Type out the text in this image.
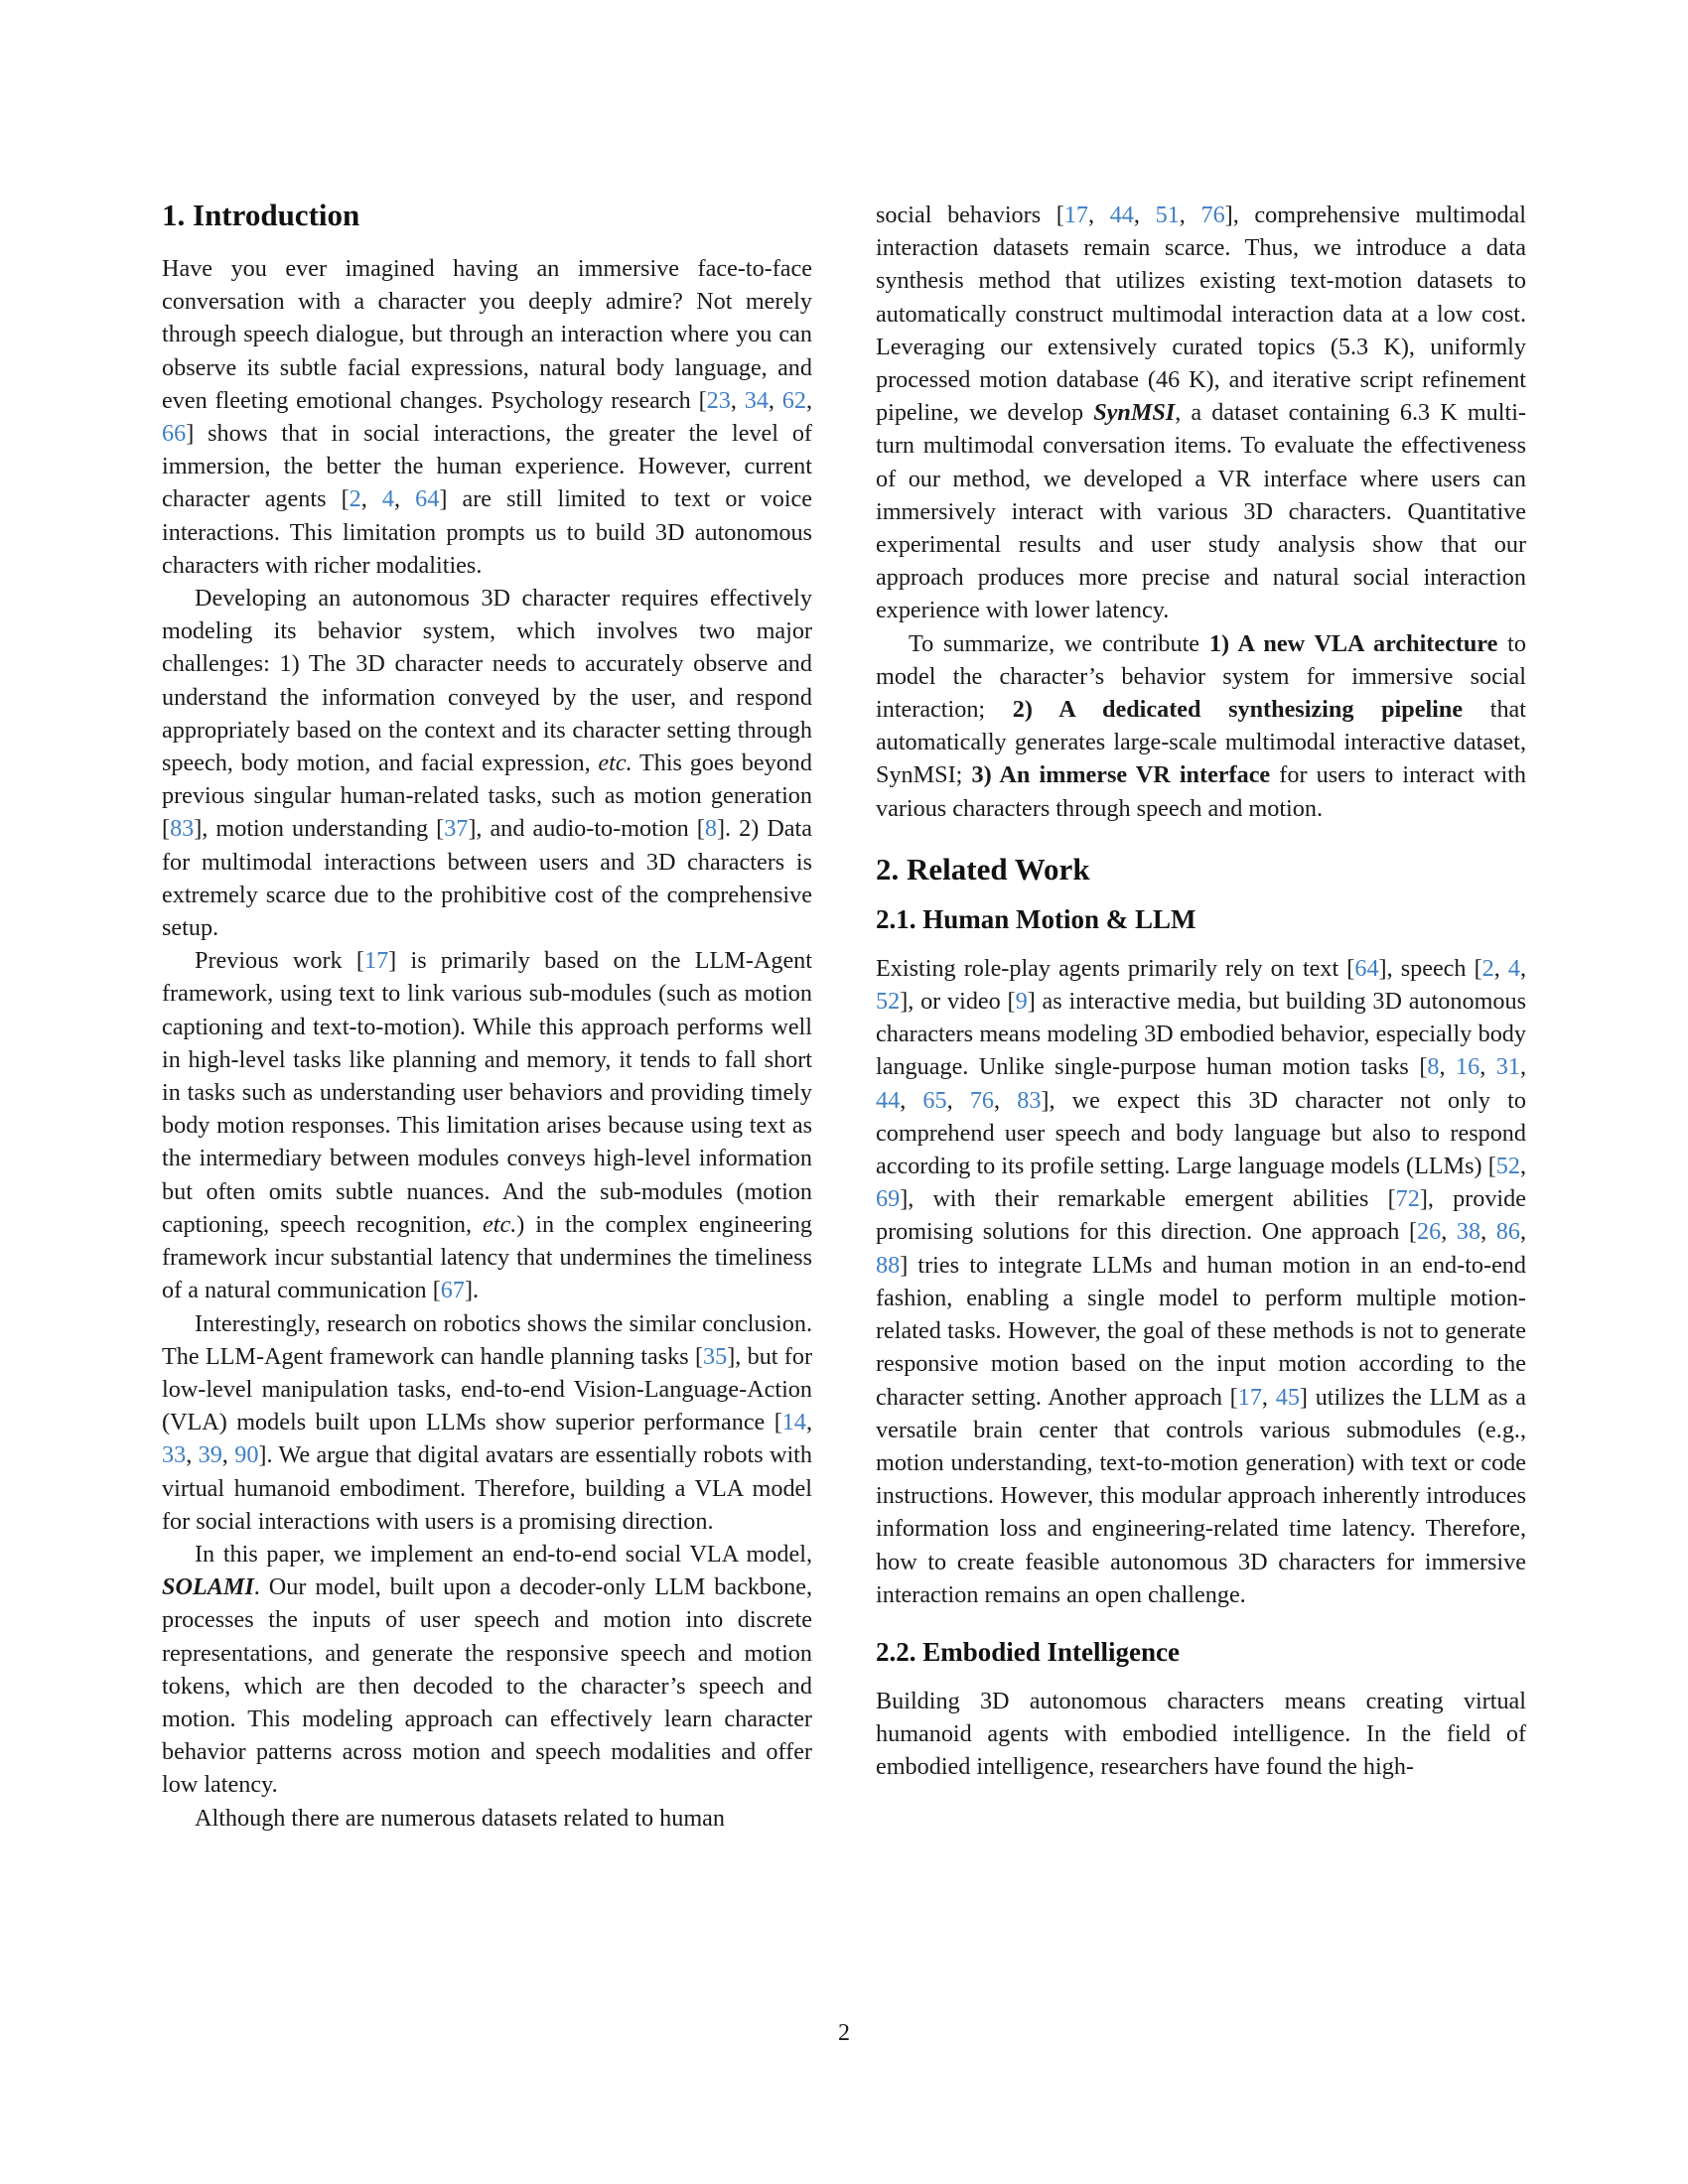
1. Introduction

Have you ever imagined having an immersive face-to-face conversation with a character you deeply admire? Not merely through speech dialogue, but through an interaction where you can observe its subtle facial expressions, natural body language, and even fleeting emotional changes. Psychology research [23, 34, 62, 66] shows that in social interactions, the greater the level of immersion, the better the human experience. However, current character agents [2, 4, 64] are still limited to text or voice interactions. This limitation prompts us to build 3D autonomous characters with richer modalities.

Developing an autonomous 3D character requires effectively modeling its behavior system, which involves two major challenges: 1) The 3D character needs to accurately observe and understand the information conveyed by the user, and respond appropriately based on the context and its character setting through speech, body motion, and facial expression, etc. This goes beyond previous singular human-related tasks, such as motion generation [83], motion understanding [37], and audio-to-motion [8]. 2) Data for multimodal interactions between users and 3D characters is extremely scarce due to the prohibitive cost of the comprehensive setup.

Previous work [17] is primarily based on the LLM-Agent framework, using text to link various sub-modules (such as motion captioning and text-to-motion). While this approach performs well in high-level tasks like planning and memory, it tends to fall short in tasks such as understanding user behaviors and providing timely body motion responses. This limitation arises because using text as the intermediary between modules conveys high-level information but often omits subtle nuances. And the sub-modules (motion captioning, speech recognition, etc.) in the complex engineering framework incur substantial latency that undermines the timeliness of a natural communication [67].

Interestingly, research on robotics shows the similar conclusion. The LLM-Agent framework can handle planning tasks [35], but for low-level manipulation tasks, end-to-end Vision-Language-Action (VLA) models built upon LLMs show superior performance [14, 33, 39, 90]. We argue that digital avatars are essentially robots with virtual humanoid embodiment. Therefore, building a VLA model for social interactions with users is a promising direction.

In this paper, we implement an end-to-end social VLA model, SOLAMI. Our model, built upon a decoder-only LLM backbone, processes the inputs of user speech and motion into discrete representations, and generate the responsive speech and motion tokens, which are then decoded to the character’s speech and motion. This modeling approach can effectively learn character behavior patterns across motion and speech modalities and offer low latency.

Although there are numerous datasets related to human

social behaviors [17, 44, 51, 76], comprehensive multimodal interaction datasets remain scarce. Thus, we introduce a data synthesis method that utilizes existing text-motion datasets to automatically construct multimodal interaction data at a low cost. Leveraging our extensively curated topics (5.3 K), uniformly processed motion database (46 K), and iterative script refinement pipeline, we develop SynMSI, a dataset containing 6.3 K multi-turn multimodal conversation items. To evaluate the effectiveness of our method, we developed a VR interface where users can immersively interact with various 3D characters. Quantitative experimental results and user study analysis show that our approach produces more precise and natural social interaction experience with lower latency.

To summarize, we contribute 1) A new VLA architecture to model the character’s behavior system for immersive social interaction; 2) A dedicated synthesizing pipeline that automatically generates large-scale multimodal interactive dataset, SynMSI; 3) An immerse VR interface for users to interact with various characters through speech and motion.

2. Related Work
2.1. Human Motion & LLM

Existing role-play agents primarily rely on text [64], speech [2, 4, 52], or video [9] as interactive media, but building 3D autonomous characters means modeling 3D embodied behavior, especially body language. Unlike single-purpose human motion tasks [8, 16, 31, 44, 65, 76, 83], we expect this 3D character not only to comprehend user speech and body language but also to respond according to its profile setting. Large language models (LLMs) [52, 69], with their remarkable emergent abilities [72], provide promising solutions for this direction. One approach [26, 38, 86, 88] tries to integrate LLMs and human motion in an end-to-end fashion, enabling a single model to perform multiple motion-related tasks. However, the goal of these methods is not to generate responsive motion based on the input motion according to the character setting. Another approach [17, 45] utilizes the LLM as a versatile brain center that controls various submodules (e.g., motion understanding, text-to-motion generation) with text or code instructions. However, this modular approach inherently introduces information loss and engineering-related time latency. Therefore, how to create feasible autonomous 3D characters for immersive interaction remains an open challenge.

2.2. Embodied Intelligence

Building 3D autonomous characters means creating virtual humanoid agents with embodied intelligence. In the field of embodied intelligence, researchers have found the high-

2
